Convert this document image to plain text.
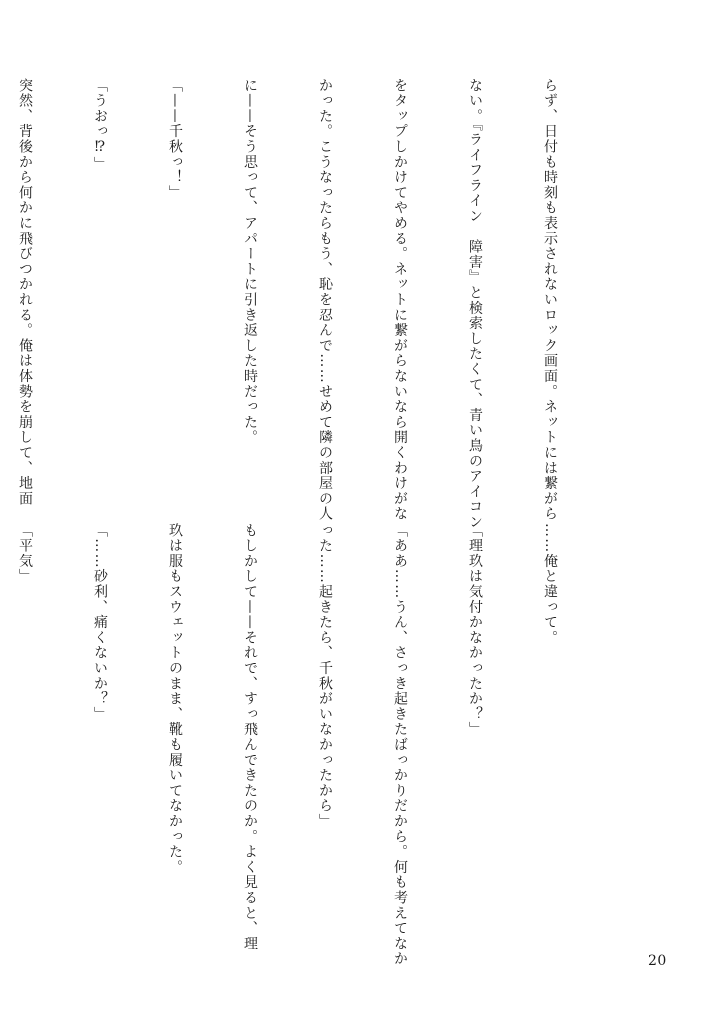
らず、日付も時刻も表示されないロック画面。ネットには繋がら

ない。『ライフライン　障害』と検索したくて、青い鳥のアイコン

をタップしかけてやめる。ネットに繋がらないなら開くわけがな

かった。こうなったらもう、恥を忍んで……せめて隣の部屋の人

に——そう思って、アパートに引き返した時だった。

「——千秋っ！」

「うおっ⁉」

突然、背後から何かに飛びつかれる。俺は体勢を崩して、地面

……俺と違って。

「理玖は気付かなかったか？」

「ああ……うん、さっき起きたばっかりだから。何も考えてなか

った……起きたら、千秋がいなかったから」

もしかして——それで、すっ飛んできたのか。よく見ると、理

玖は服もスウェットのまま、靴も履いてなかった。

「……砂利、痛くないか？」

「平気」

20
